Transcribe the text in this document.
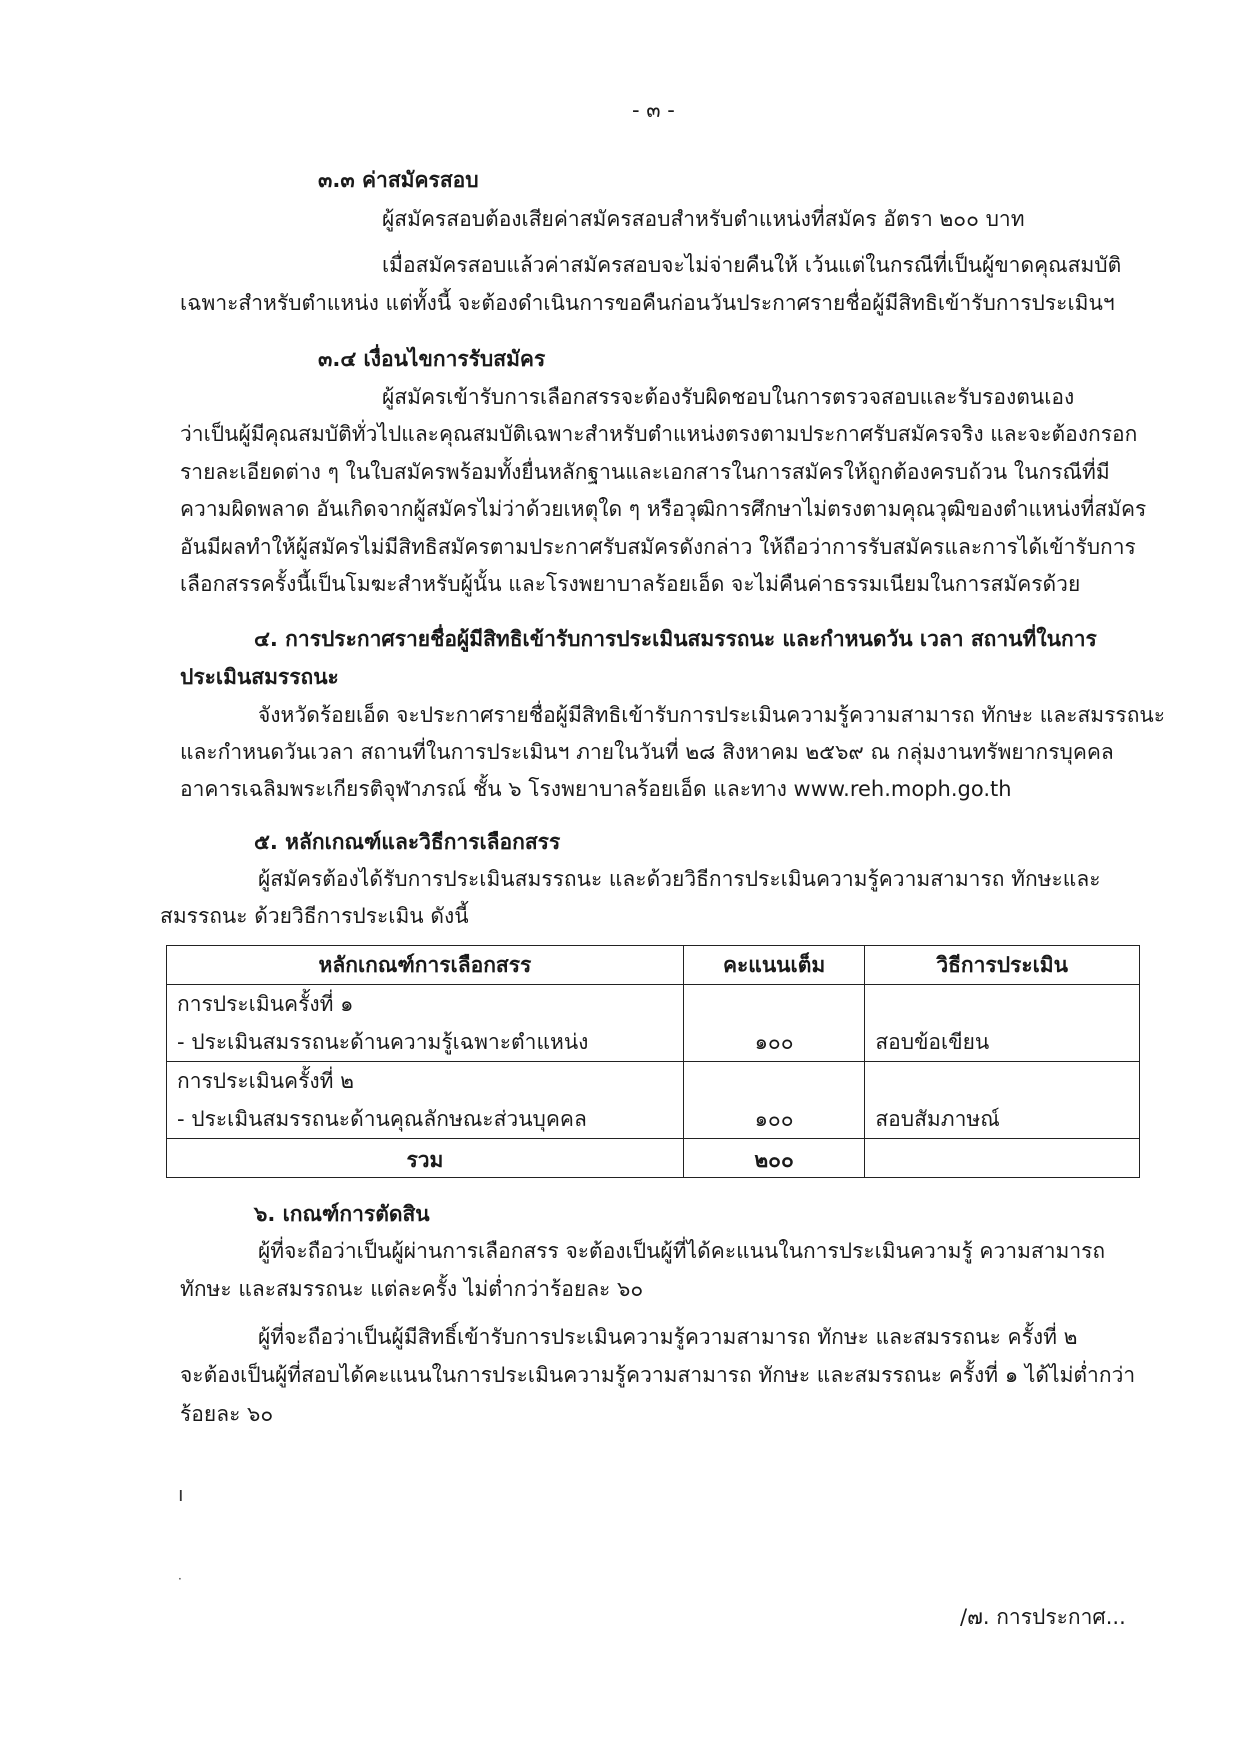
- ๓ -
๓.๓ ค่าสมัครสอบ
ผู้สมัครสอบต้องเสียค่าสมัครสอบสำหรับตำแหน่งที่สมัคร อัตรา ๒๐๐ บาท
เมื่อสมัครสอบแล้วค่าสมัครสอบจะไม่จ่ายคืนให้ เว้นแต่ในกรณีที่เป็นผู้ขาดคุณสมบัติ
เฉพาะสำหรับตำแหน่ง แต่ทั้งนี้ จะต้องดำเนินการขอคืนก่อนวันประกาศรายชื่อผู้มีสิทธิเข้ารับการประเมินฯ
๓.๔ เงื่อนไขการรับสมัคร
ผู้สมัครเข้ารับการเลือกสรรจะต้องรับผิดชอบในการตรวจสอบและรับรองตนเอง
ว่าเป็นผู้มีคุณสมบัติทั่วไปและคุณสมบัติเฉพาะสำหรับตำแหน่งตรงตามประกาศรับสมัครจริง และจะต้องกรอก
รายละเอียดต่าง ๆ ในใบสมัครพร้อมทั้งยื่นหลักฐานและเอกสารในการสมัครให้ถูกต้องครบถ้วน ในกรณีที่มี
ความผิดพลาด อันเกิดจากผู้สมัครไม่ว่าด้วยเหตุใด ๆ หรือวุฒิการศึกษาไม่ตรงตามคุณวุฒิของตำแหน่งที่สมัคร
อันมีผลทำให้ผู้สมัครไม่มีสิทธิสมัครตามประกาศรับสมัครดังกล่าว ให้ถือว่าการรับสมัครและการได้เข้ารับการ
เลือกสรรครั้งนี้เป็นโมฆะสำหรับผู้นั้น และโรงพยาบาลร้อยเอ็ด จะไม่คืนค่าธรรมเนียมในการสมัครด้วย
๔. การประกาศรายชื่อผู้มีสิทธิเข้ารับการประเมินสมรรถนะ และกำหนดวัน เวลา สถานที่ในการ
ประเมินสมรรถนะ
จังหวัดร้อยเอ็ด จะประกาศรายชื่อผู้มีสิทธิเข้ารับการประเมินความรู้ความสามารถ ทักษะ และสมรรถนะ
และกำหนดวันเวลา สถานที่ในการประเมินฯ ภายในวันที่ ๒๘ สิงหาคม ๒๕๖๙ ณ กลุ่มงานทรัพยากรบุคคล
อาคารเฉลิมพระเกียรติจุฬาภรณ์ ชั้น ๖ โรงพยาบาลร้อยเอ็ด และทาง www.reh.moph.go.th
๕. หลักเกณฑ์และวิธีการเลือกสรร
ผู้สมัครต้องได้รับการประเมินสมรรถนะ และด้วยวิธีการประเมินความรู้ความสามารถ ทักษะและ
สมรรถนะ ด้วยวิธีการประเมิน ดังนี้
หลักเกณฑ์การเลือกสรร	คะแนนเต็ม	วิธีการประเมิน

การประเมินครั้งที่ ๑
- ประเมินสมรรถนะด้านความรู้เฉพาะตำแหน่ง	๑๐๐	สอบข้อเขียน

การประเมินครั้งที่ ๒
- ประเมินสมรรถนะด้านคุณลักษณะส่วนบุคคล	๑๐๐	สอบสัมภาษณ์

รวม	๒๐๐	
๖. เกณฑ์การตัดสิน
ผู้ที่จะถือว่าเป็นผู้ผ่านการเลือกสรร จะต้องเป็นผู้ที่ได้คะแนนในการประเมินความรู้ ความสามารถ
ทักษะ และสมรรถนะ แต่ละครั้ง ไม่ต่ำกว่าร้อยละ ๖๐
ผู้ที่จะถือว่าเป็นผู้มีสิทธิ์เข้ารับการประเมินความรู้ความสามารถ ทักษะ และสมรรถนะ ครั้งที่ ๒
จะต้องเป็นผู้ที่สอบได้คะแนนในการประเมินความรู้ความสามารถ ทักษะ และสมรรถนะ ครั้งที่ ๑ ได้ไม่ต่ำกว่า
ร้อยละ ๖๐
ı
·
/๗. การประกาศ...
